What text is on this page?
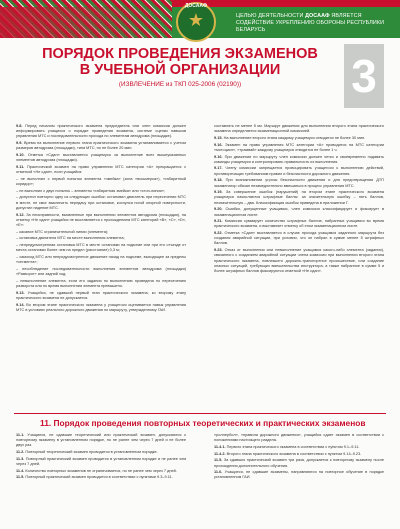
ДОСААФ
★	ЦЕЛЬЮ ДЕЯТЕЛЬНОСТИ ДОСААФ ЯВЛЯЕТСЯ СОДЕЙСТВИЕ УКРЕПЛЕНИЮ ОБОРОНЫ РЕСПУБЛИКИ БЕЛАРУСЬ
ПОРЯДОК ПРОВЕДЕНИЯ ЭКЗАМЕНОВ
В УЧЕБНОЙ ОРГАНИЗАЦИИ
(ИЗВЛЕЧЕНИЕ из ТКП 025-2006 (02190))	3

9.8. Перед началом практического экзамена председатель или член комиссии должен информировать учащихся о порядке проведения экзамена, системе оценки навыков управления МТС и последовательности прохода по элементам автодрома (площадке).

9.9. Время на выполнение первого этапа практического экзамена устанавливается с учетом размеров автодрома (площадки), типа МТС, но не более 20 мин.

9.10. Отметка «Сдан» выставляется учащемуся за выполнение всех вышеуказанных элементов автодрома (площадки).

9.11. Практический экзамен на право управления МТС категории «А» прекращается с отметкой «Не сдан», если учащийся:

– не выполнил с первой попытки элемента «змейка» (зона «восьмерка»), «габаритный коридор»;

– не выполнил с двух попыток – элементы «габаритная змейка» или «стоп-линия»;

– допустил повторно одну из следующих ошибок: остановил двигатель при пересечении МТС в месте, не смог выключить передачу при остановке, коснулся ногой опорной поверхности, допустил падение МТС.

9.12. За неисправности, выявленные при выполнении элементов автодрома (площадки), на отметку «Не сдан» учащийся не выставляется с прохождением МТС категорий «В», «С», «D», «Е»:

– касание МТС ограничительной линии (элемента);

– остановка двигателя МТС на месте выполнения элемента;

– непредусмотренная остановка МТС в месте остановки на подъеме или при его отъезде от места остановки более чем на предел (расстояние) 0,3 м;

– самоход МТС или непредусмотренное движение назад на подъеме, выходящее за пределы «сегмента»;

– несоблюдение последовательности выполнения элементов автодрома (площадки) «Разворот» или задний ход;

– невыполнение элемента, если его задания по выполнению проведена по пересечению разворота или по время выполнения элемента превышено.

9.13. Учащийся, не сдавший первый этап практического экзамена, ко второму этапу практического экзамена не допускается.

9.14. Во втором этапе практического экзамена у учащегося оценивается навык управления МТС в условиях реального дорожного движения по маршруту, утвержденному ГАИ.

составлять не менее 5 км. Маршрут движения для выполнения второго этапа практического экзамена определяется экзаменационной комиссией.

9.15. На выполнение второго этапа каждому учащемуся отводится не более 30 мин.

9.16. Экзамен на право управления МТС категории «А» проводится на МТС категории «мотоцикл», «трамвай» каждому учащемуся отводится не более 1 ч.

9.16. При движении по маршруту член комиссии должен четко и своевременно подавать команды учащемуся и контролировать правильность их выполнения.

9.17. Члену комиссии запрещается провоцировать учащегося к выполнению действий, противоречащих требованиям правил и безопасности дорожного движения.

9.18. При возникновении угрозы безопасности движения и для предотвращения ДТП экзаменатор обязан незамедлительно вмешаться в процесс управления МТС.

9.19. За совершение ошибок (нарушений) на втором этапе практического экзамена учащемуся начисляются штрафные баллы: за значительную ошибку – пять баллов, незначительную – два. Классификация ошибок приведена в приложении Г.

9.20. Ошибки, допущенные учащимся, член комиссии классифицирует и фиксирует в экзаменационном листе.

9.21. Комиссия суммирует количество штрафных баллов, набранных учащимся во время практического экзамена, и выставляет отметку об этом экзаменационном листе.

9.22. Отметка «Сдан» выставляется в случае прохода учащимся заданного маршрута без создания аварийной ситуации, при условии, что он набрал в сумме менее 5 штрафных баллов.

9.23. Отказ от выполнения или невыполнение учащимся какого-либо элемента (задания), связанного с созданием аварийной ситуации члена комиссии при выполнении второго этапа практического экзамена, повлекшего дорожно-транспортное происшествие, или создание опасных ситуаций, требующих вмешательства инструктора, а также набранное в сумме 5 и более штрафных баллов фиксируются отметкой «Не сдан».

11. Порядок проведения повторных теоретических и практических экзаменов

11.1. Учащиеся, не сдавшие теоретический или практический экзамен, допускаются к повторному экзамену в установленном порядке, но не ранее чем через 7 дней и не более двух раз.

11.2. Повторный теоретический экзамен проводится в установленном порядке.

11.3. Повторный практический экзамен проводится в установленном порядке и не ранее чем через 7 дней.

11.4. Количество повторных экзаменов не ограничивается, но не ранее чем через 7 дней.

11.5. Повторный практический экзамен проводится в соответствии с пунктами 9.3–9.11.

«роллербол», «правила дорожного движения», учащийся сдает экзамен в соответствии с положениями настоящего раздела.

11.4.1. Первого этапа практического экзамена в соответствии с пунктом 9.1–9.11.

11.4.2. Второго этапа практического экзамена в соответствии с пунктом 9.14–9.23.

11.5. За сдавших практический экзамен три раза, допускается к повторному экзамену после прохождения дополнительного обучения.

11.6. Учащиеся, не сдавшие экзамены, направляются на повторное обучение в порядке установленном ГАИ.
